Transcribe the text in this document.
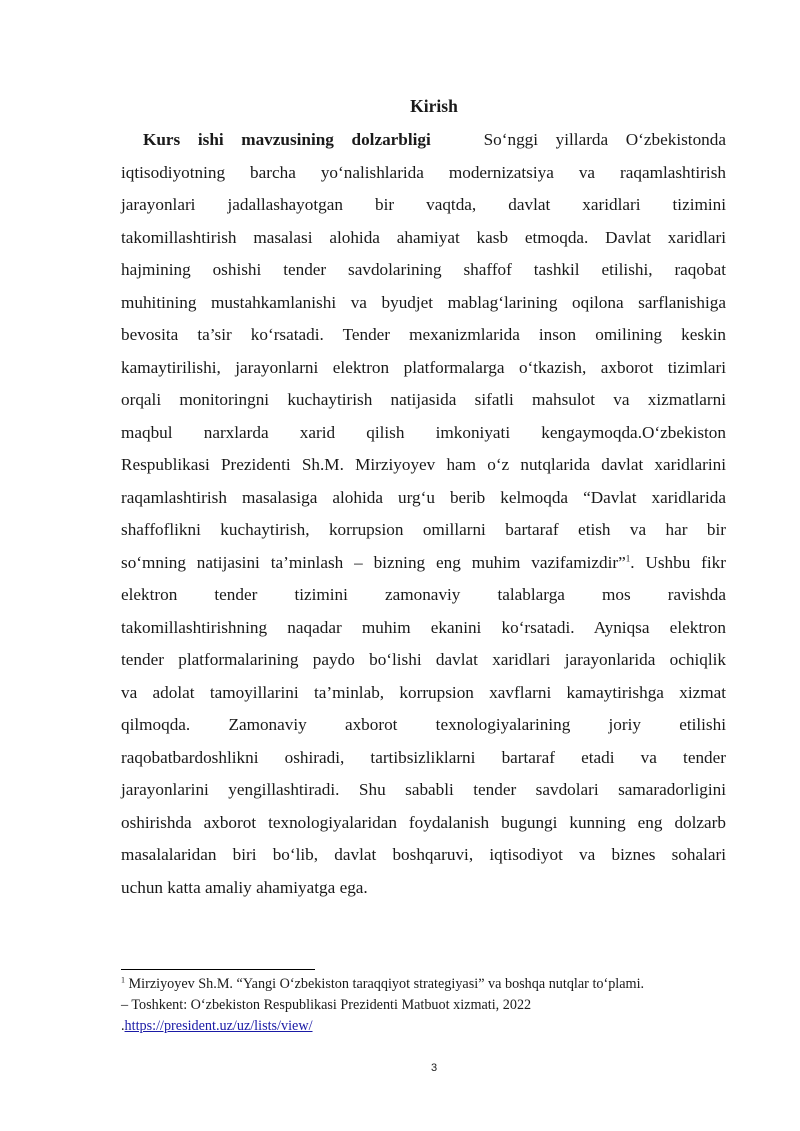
Kirish
Kurs ishi mavzusining dolzarbligi	So‘nggi yillarda O‘zbekistonda
iqtisodiyotning barcha yo‘nalishlarida modernizatsiya va raqamlashtirish
jarayonlari jadallashayotgan bir vaqtda, davlat xaridlari tizimini
takomillashtirish masalasi alohida ahamiyat kasb etmoqda. Davlat xaridlari
hajmining oshishi tender savdolarining shaffof tashkil etilishi, raqobat
muhitining mustahkamlanishi va byudjet mablag‘larining oqilona sarflanishiga
bevosita ta’sir ko‘rsatadi. Tender mexanizmlarida inson omilining keskin
kamaytirilishi, jarayonlarni elektron platformalarga o‘tkazish, axborot tizimlari
orqali monitoringni kuchaytirish natijasida sifatli mahsulot va xizmatlarni
maqbul narxlarda xarid qilish imkoniyati kengaymoqda.O‘zbekiston
Respublikasi Prezidenti Sh.M. Mirziyoyev ham o‘z nutqlarida davlat xaridlarini
raqamlashtirish masalasiga alohida urg‘u berib kelmoqda “Davlat xaridlarida
shaffoflikni kuchaytirish, korrupsion omillarni bartaraf etish va har bir
so‘mning natijasini ta’minlash – bizning eng muhim vazifamizdir”$^1$. Ushbu fikr
elektron tender tizimini zamonaviy talablarga mos ravishda
takomillashtirishning naqadar muhim ekanini ko‘rsatadi. Ayniqsa elektron
tender platformalarining paydo bo‘lishi davlat xaridlari jarayonlarida ochiqlik
va adolat tamoyillarini ta’minlab, korrupsion xavflarni kamaytirishga xizmat
qilmoqda. Zamonaviy axborot texnologiyalarining joriy etilishi
raqobatbardoshlikni oshiradi, tartibsizliklarni bartaraf etadi va tender
jarayonlarini yengillashtiradi. Shu sababli tender savdolari samaradorligini
oshirishda axborot texnologiyalaridan foydalanish bugungi kunning eng dolzarb
masalalaridan biri bo‘lib, davlat boshqaruvi, iqtisodiyot va biznes sohalari
uchun katta amaliy ahamiyatga ega.
$^1$ Mirziyoyev Sh.M. “Yangi O‘zbekiston taraqqiyot strategiyasi” va boshqa nutqlar to‘plami.
– Toshkent: O‘zbekiston Respublikasi Prezidenti Matbuot xizmati, 2022
.https://president.uz/uz/lists/view/
3
